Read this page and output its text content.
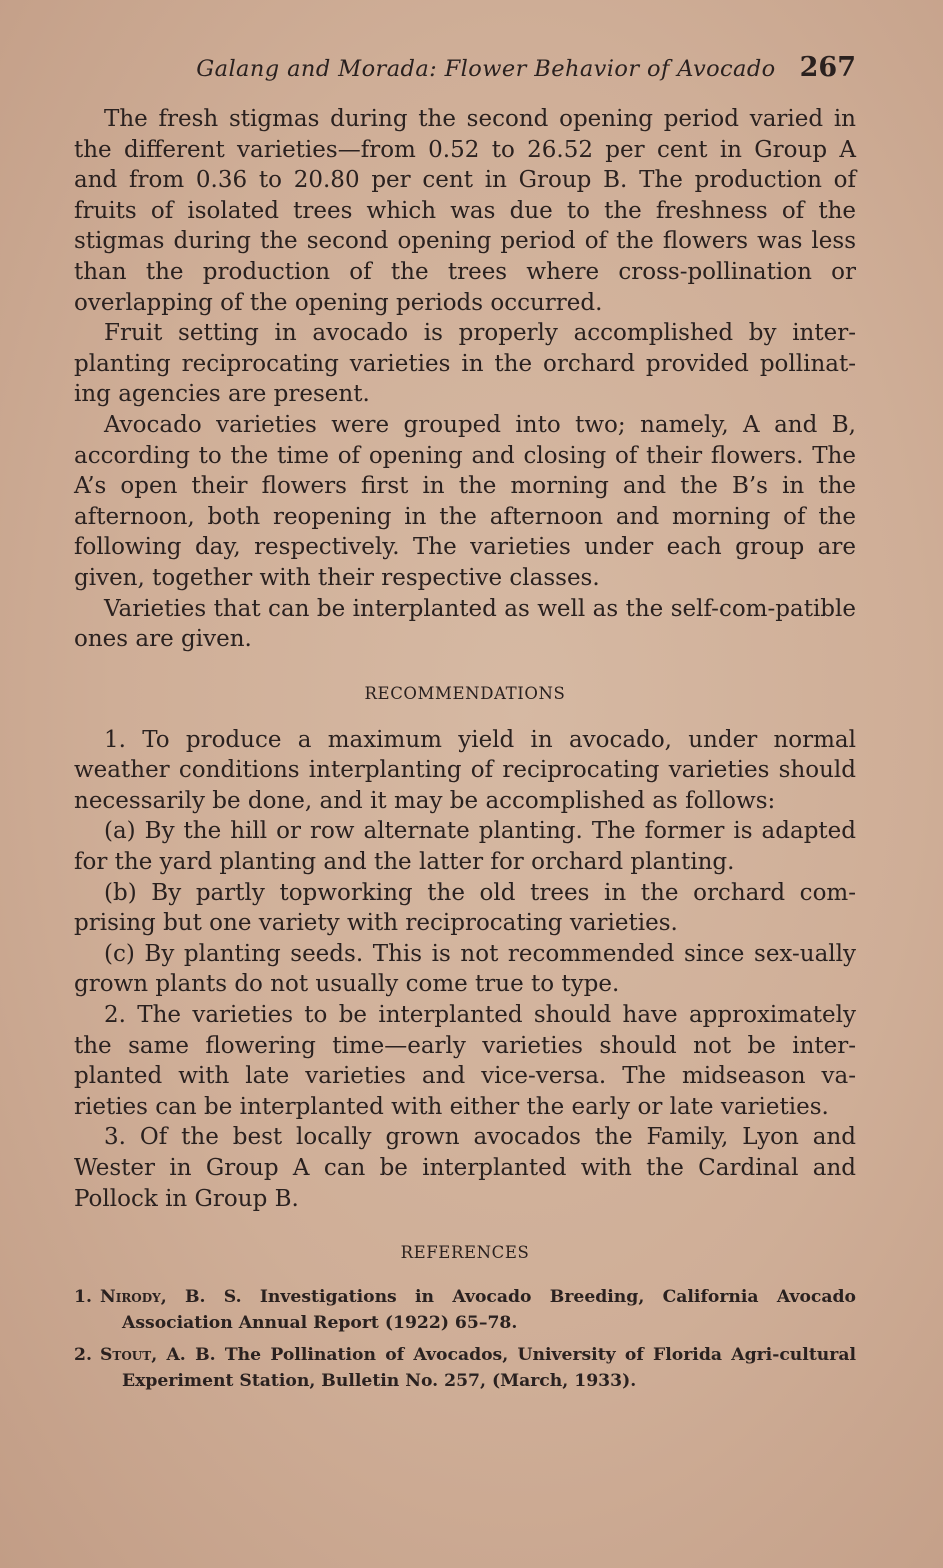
Galang and Morada: Flower Behavior of Avocado 267

The fresh stigmas during the second opening period varied in the different varieties—from 0.52 to 26.52 per cent in Group A and from 0.36 to 20.80 per cent in Group B. The production of fruits of isolated trees which was due to the freshness of the stigmas during the second opening period of the flowers was less than the production of the trees where cross-pollination or overlapping of the opening periods occurred.

Fruit setting in avocado is properly accomplished by inter-planting reciprocating varieties in the orchard provided pollinat-ing agencies are present.

Avocado varieties were grouped into two; namely, A and B, according to the time of opening and closing of their flowers. The A’s open their flowers first in the morning and the B’s in the afternoon, both reopening in the afternoon and morning of the following day, respectively. The varieties under each group are given, together with their respective classes.

Varieties that can be interplanted as well as the self-com-patible ones are given.

RECOMMENDATIONS

1. To produce a maximum yield in avocado, under normal weather conditions interplanting of reciprocating varieties should necessarily be done, and it may be accomplished as follows:

(a) By the hill or row alternate planting. The former is adapted for the yard planting and the latter for orchard planting.

(b) By partly topworking the old trees in the orchard com-prising but one variety with reciprocating varieties.

(c) By planting seeds. This is not recommended since sex-ually grown plants do not usually come true to type.

2. The varieties to be interplanted should have approximately the same flowering time—early varieties should not be inter-planted with late varieties and vice-versa. The midseason va-rieties can be interplanted with either the early or late varieties.

3. Of the best locally grown avocados the Family, Lyon and Wester in Group A can be interplanted with the Cardinal and Pollock in Group B.

REFERENCES

1. Nirody, B. S. Investigations in Avocado Breeding, California Avocado Association Annual Report (1922) 65–78.

2. Stout, A. B. The Pollination of Avocados, University of Florida Agri-cultural Experiment Station, Bulletin No. 257, (March, 1933).
